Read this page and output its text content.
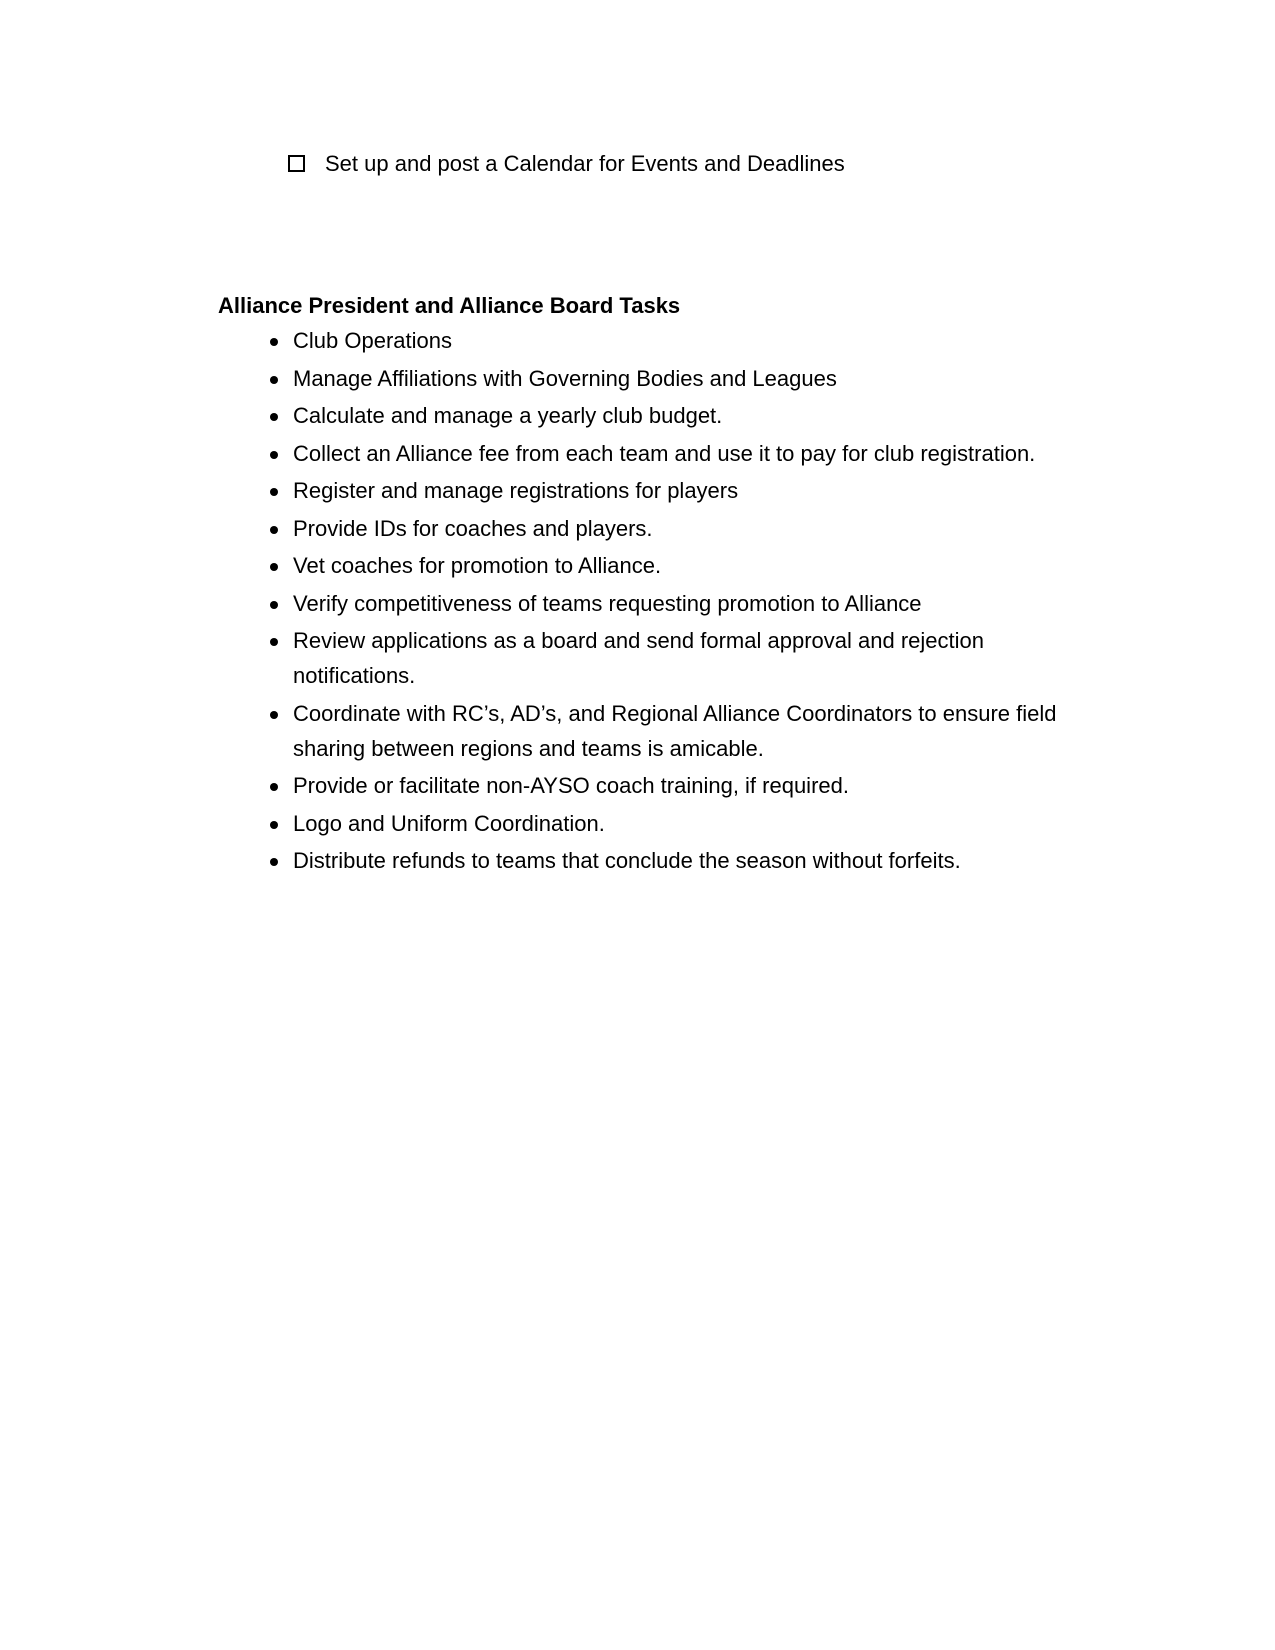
Set up and post a Calendar for Events and Deadlines
Alliance President and Alliance Board Tasks
Club Operations
Manage Affiliations with Governing Bodies and Leagues
Calculate and manage a yearly club budget.
Collect an Alliance fee from each team and use it to pay for club registration.
Register and manage registrations for players
Provide IDs for coaches and players.
Vet coaches for promotion to Alliance.
Verify competitiveness of teams requesting promotion to Alliance
Review applications as a board and send formal approval and rejection notifications.
Coordinate with RC’s, AD’s, and Regional Alliance Coordinators to ensure field sharing between regions and teams is amicable.
Provide or facilitate non-AYSO coach training, if required.
Logo and Uniform Coordination.
Distribute refunds to teams that conclude the season without forfeits.
